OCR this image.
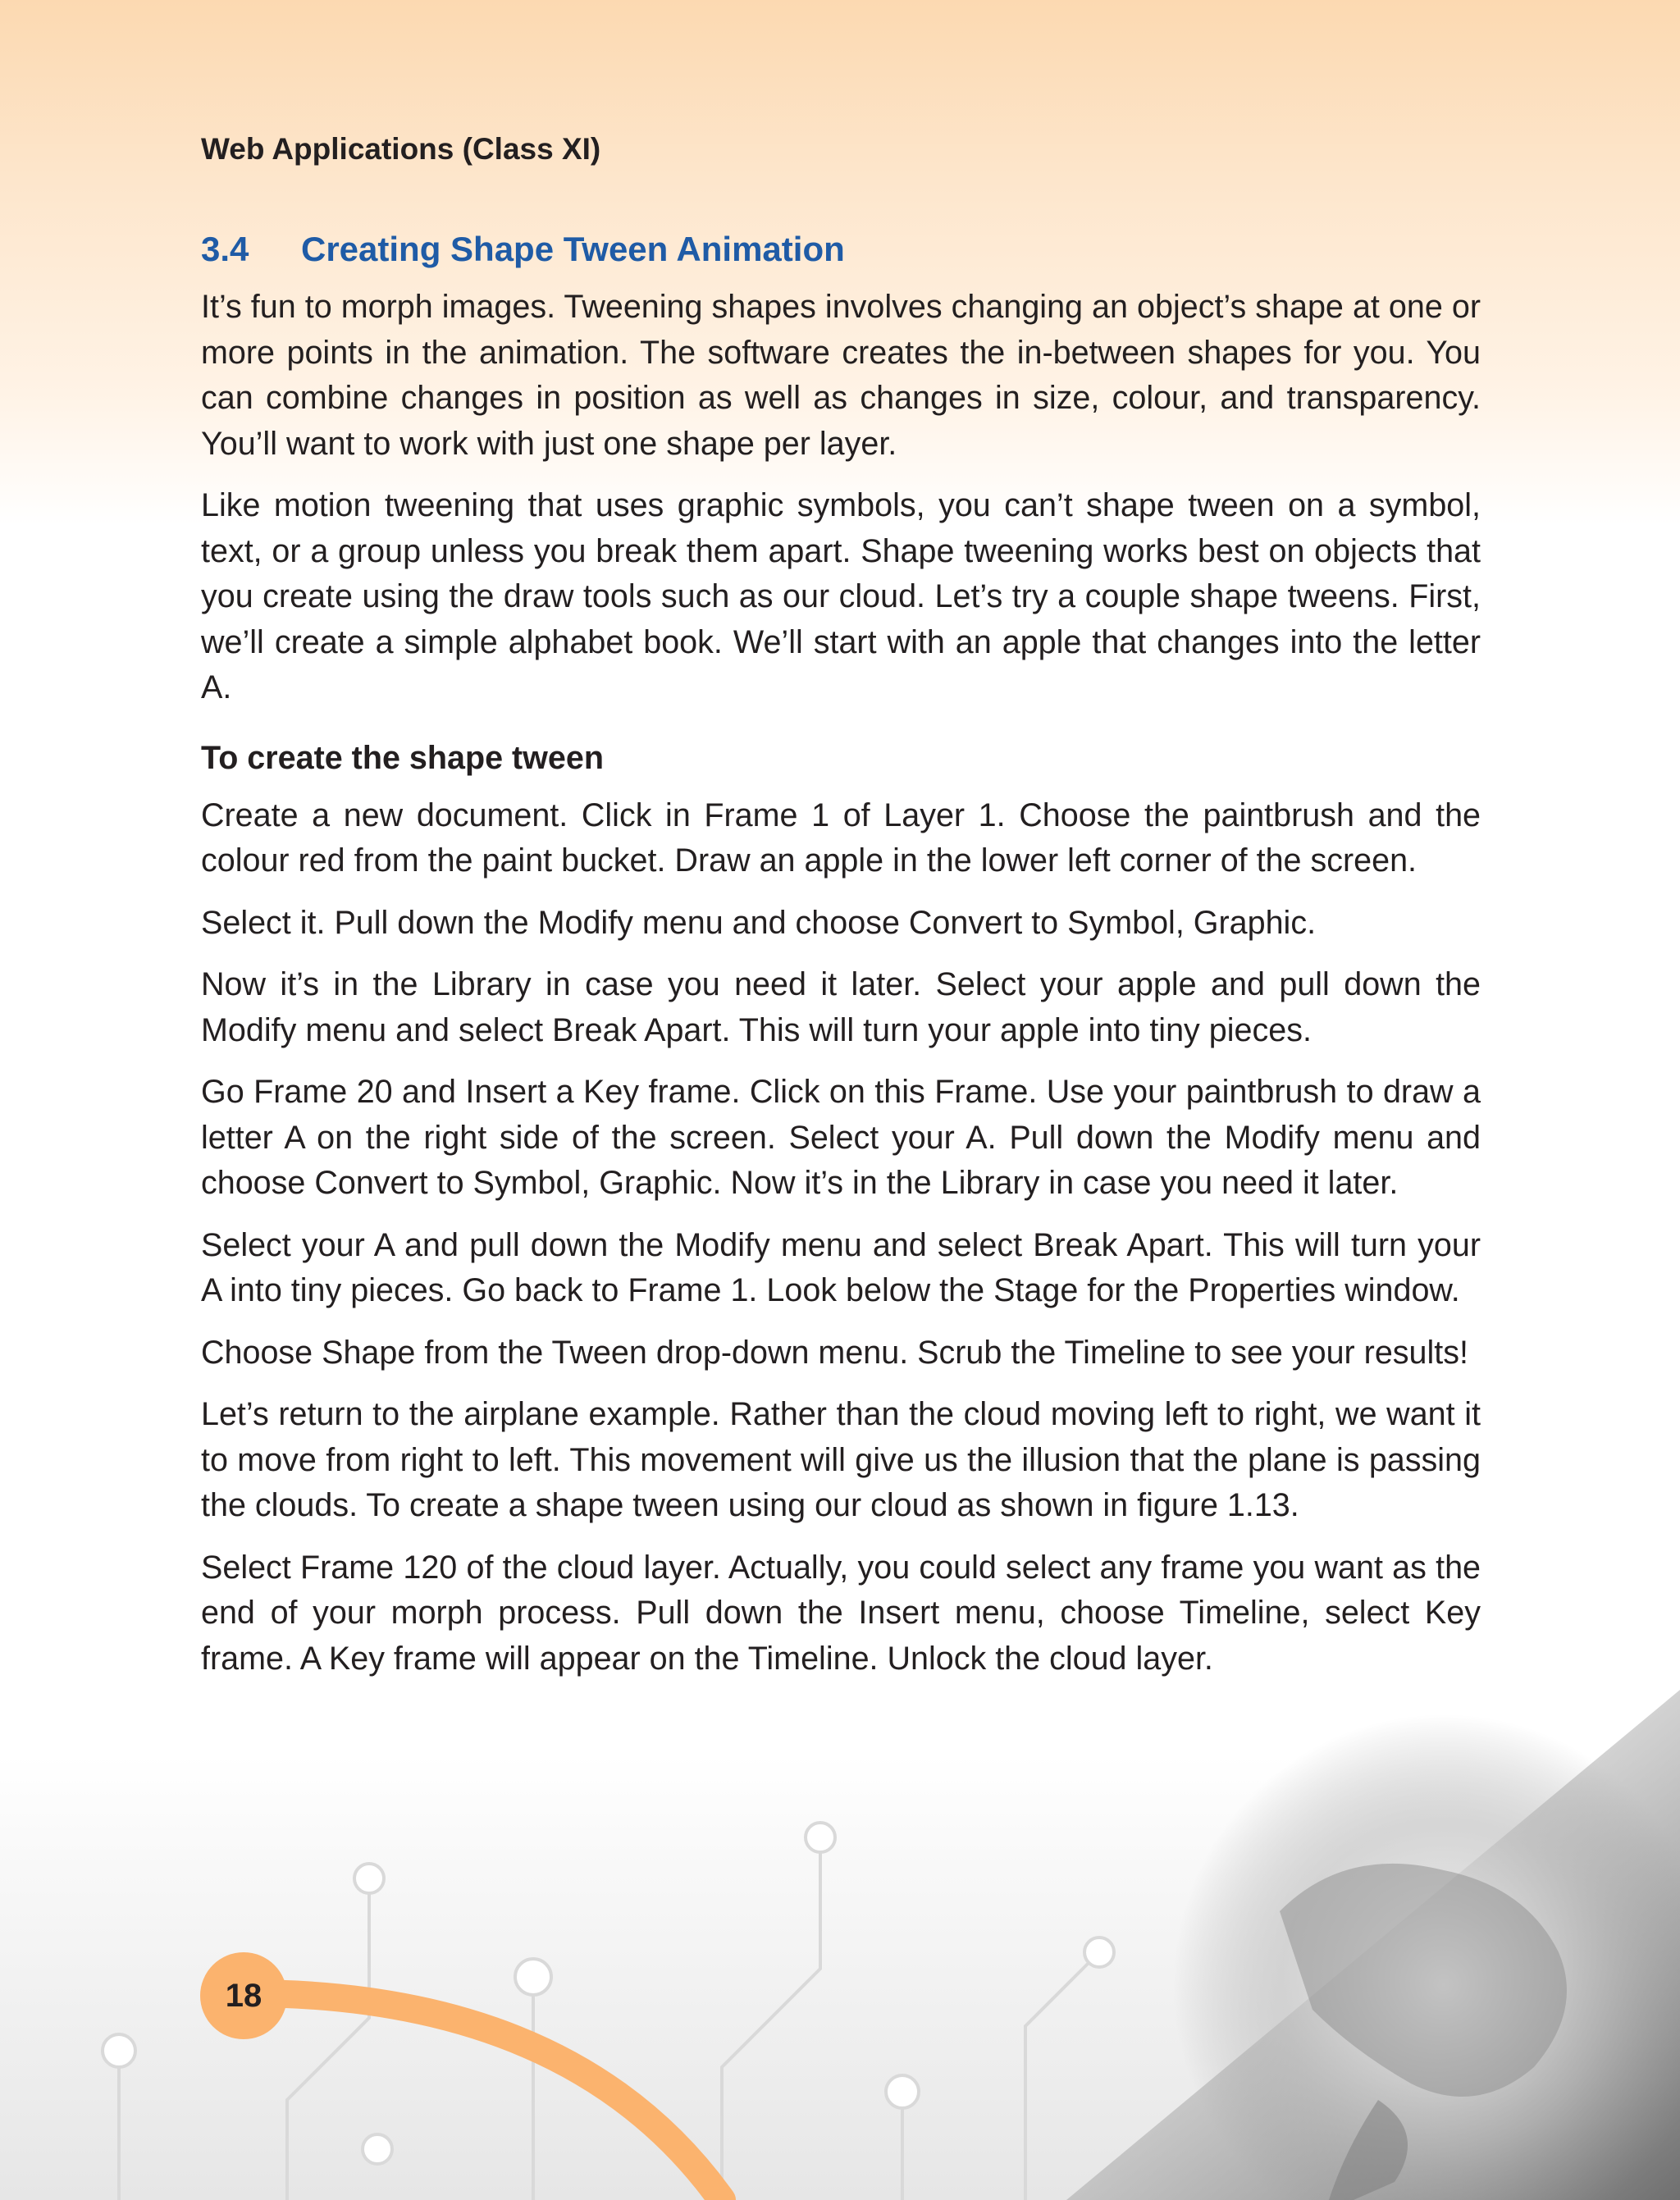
Web Applications (Class XI)

3.4 Creating Shape Tween Animation

It’s fun to morph images. Tweening shapes involves changing an object’s shape at one or more points in the animation. The software creates the in-between shapes for you. You can combine changes in position as well as changes in size, colour, and transparency. You’ll want to work with just one shape per layer.

Like motion tweening that uses graphic symbols, you can’t shape tween on a symbol, text, or a group unless you break them apart. Shape tweening works best on objects that you create using the draw tools such as our cloud. Let’s try a couple shape tweens. First, we’ll create a simple alphabet book. We’ll start with an apple that changes into the letter A.

To create the shape tween

Create a new document. Click in Frame 1 of Layer 1. Choose the paintbrush and the colour red from the paint bucket. Draw an apple in the lower left corner of the screen.

Select it. Pull down the Modify menu and choose Convert to Symbol, Graphic.

Now it’s in the Library in case you need it later. Select your apple and pull down the Modify menu and select Break Apart. This will turn your apple into tiny pieces.

Go Frame 20 and Insert a Key frame. Click on this Frame. Use your paintbrush to draw a letter A on the right side of the screen. Select your A. Pull down the Modify menu and choose Convert to Symbol, Graphic. Now it’s in the Library in case you need it later.

Select your A and pull down the Modify menu and select Break Apart. This will turn your A into tiny pieces. Go back to Frame 1. Look below the Stage for the Properties window.

Choose Shape from the Tween drop-down menu. Scrub the Timeline to see your results!

Let’s return to the airplane example. Rather than the cloud moving left to right, we want it to move from right to left. This movement will give us the illusion that the plane is passing the clouds. To create a shape tween using our cloud as shown in figure 1.13.

Select Frame 120 of the cloud layer. Actually, you could select any frame you want as the end of your morph process. Pull down the Insert menu, choose Timeline, select Key frame. A Key frame will appear on the Timeline. Unlock the cloud layer.

18
